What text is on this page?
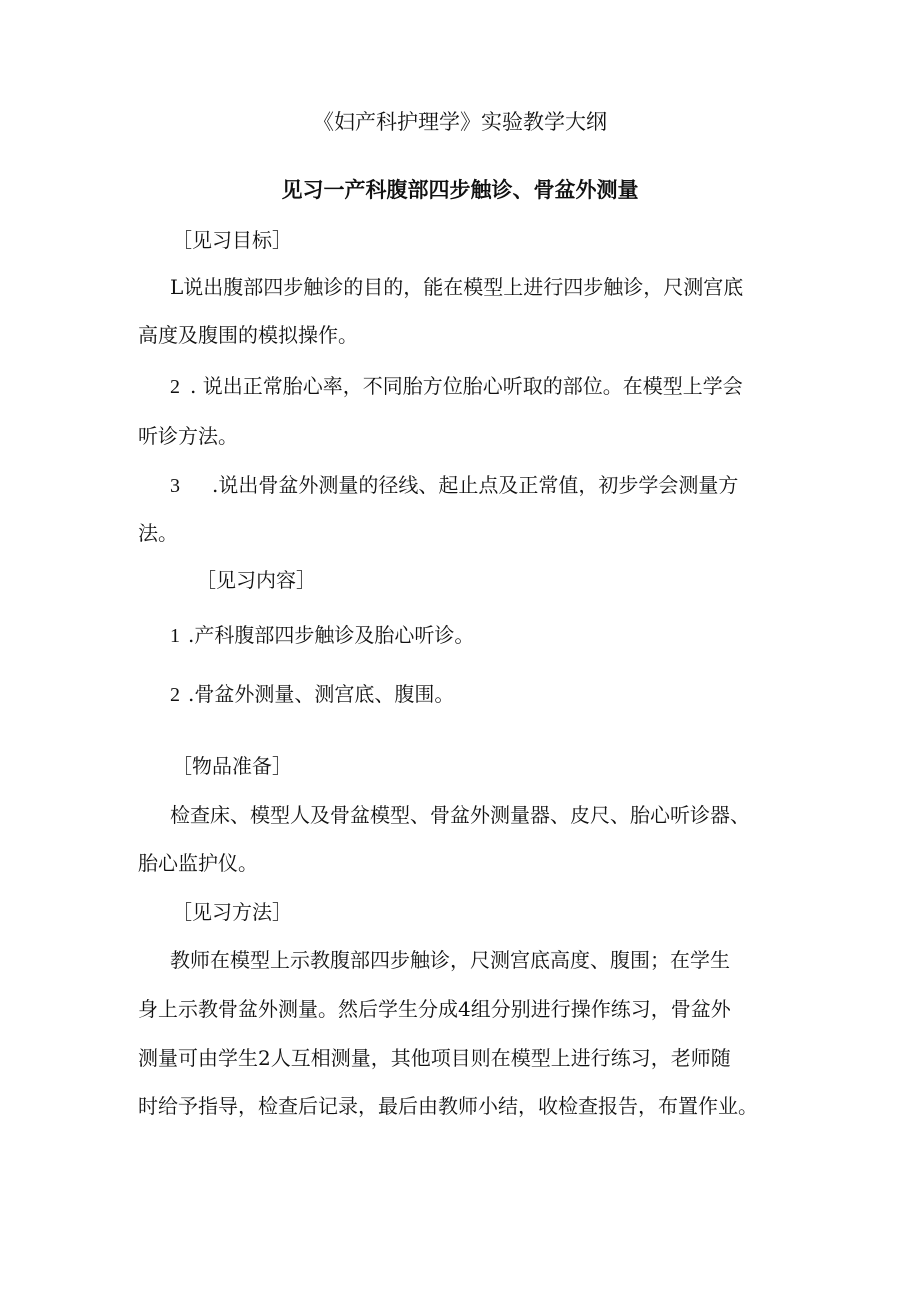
《妇产科护理学》实验教学大纲
见习一产科腹部四步触诊、骨盆外测量
［见习目标］
L说出腹部四步触诊的目的，能在模型上进行四步触诊，尺测宫底
高度及腹围的模拟操作。
2 . 说出正常胎心率，不同胎方位胎心听取的部位。在模型上学会
听诊方法。
3 .说出骨盆外测量的径线、起止点及正常值，初步学会测量方
法。
［见习内容］
1 .产科腹部四步触诊及胎心听诊。
2 .骨盆外测量、测宫底、腹围。
［物品准备］
检查床、模型人及骨盆模型、骨盆外测量器、皮尺、胎心听诊器、
胎心监护仪。
［见习方法］
教师在模型上示教腹部四步触诊，尺测宫底高度、腹围；在学生
身上示教骨盆外测量。然后学生分成4组分别进行操作练习，骨盆外
测量可由学生2人互相测量，其他项目则在模型上进行练习，老师随
时给予指导，检查后记录，最后由教师小结，收检查报告，布置作业。
